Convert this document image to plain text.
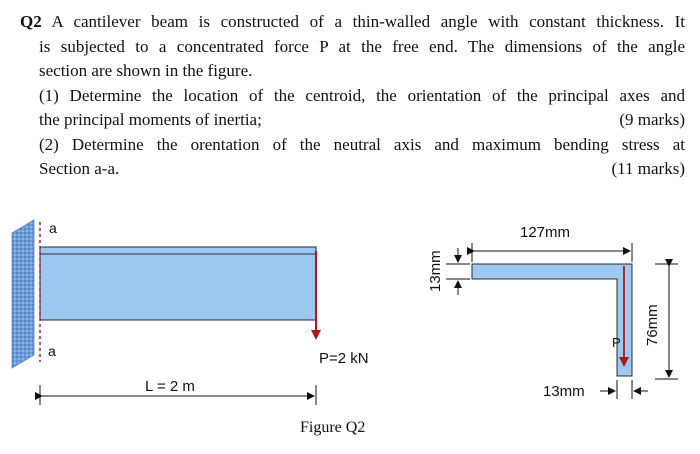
Q2 A cantilever beam is constructed of a thin-walled angle with constant thickness. It
is subjected to a concentrated force P at the free end. The dimensions of the angle
section are shown in the figure.
(1) Determine the location of the centroid, the orientation of the principal axes and
the principal moments of inertia;	(9 marks)
(2) Determine the orentation of the neutral axis and maximum bending stress at
Section a-a.	(11 marks)
a
a	P=2 kN
L = 2 m
P
127mm
76mm
13mm
13mm
Figure Q2
